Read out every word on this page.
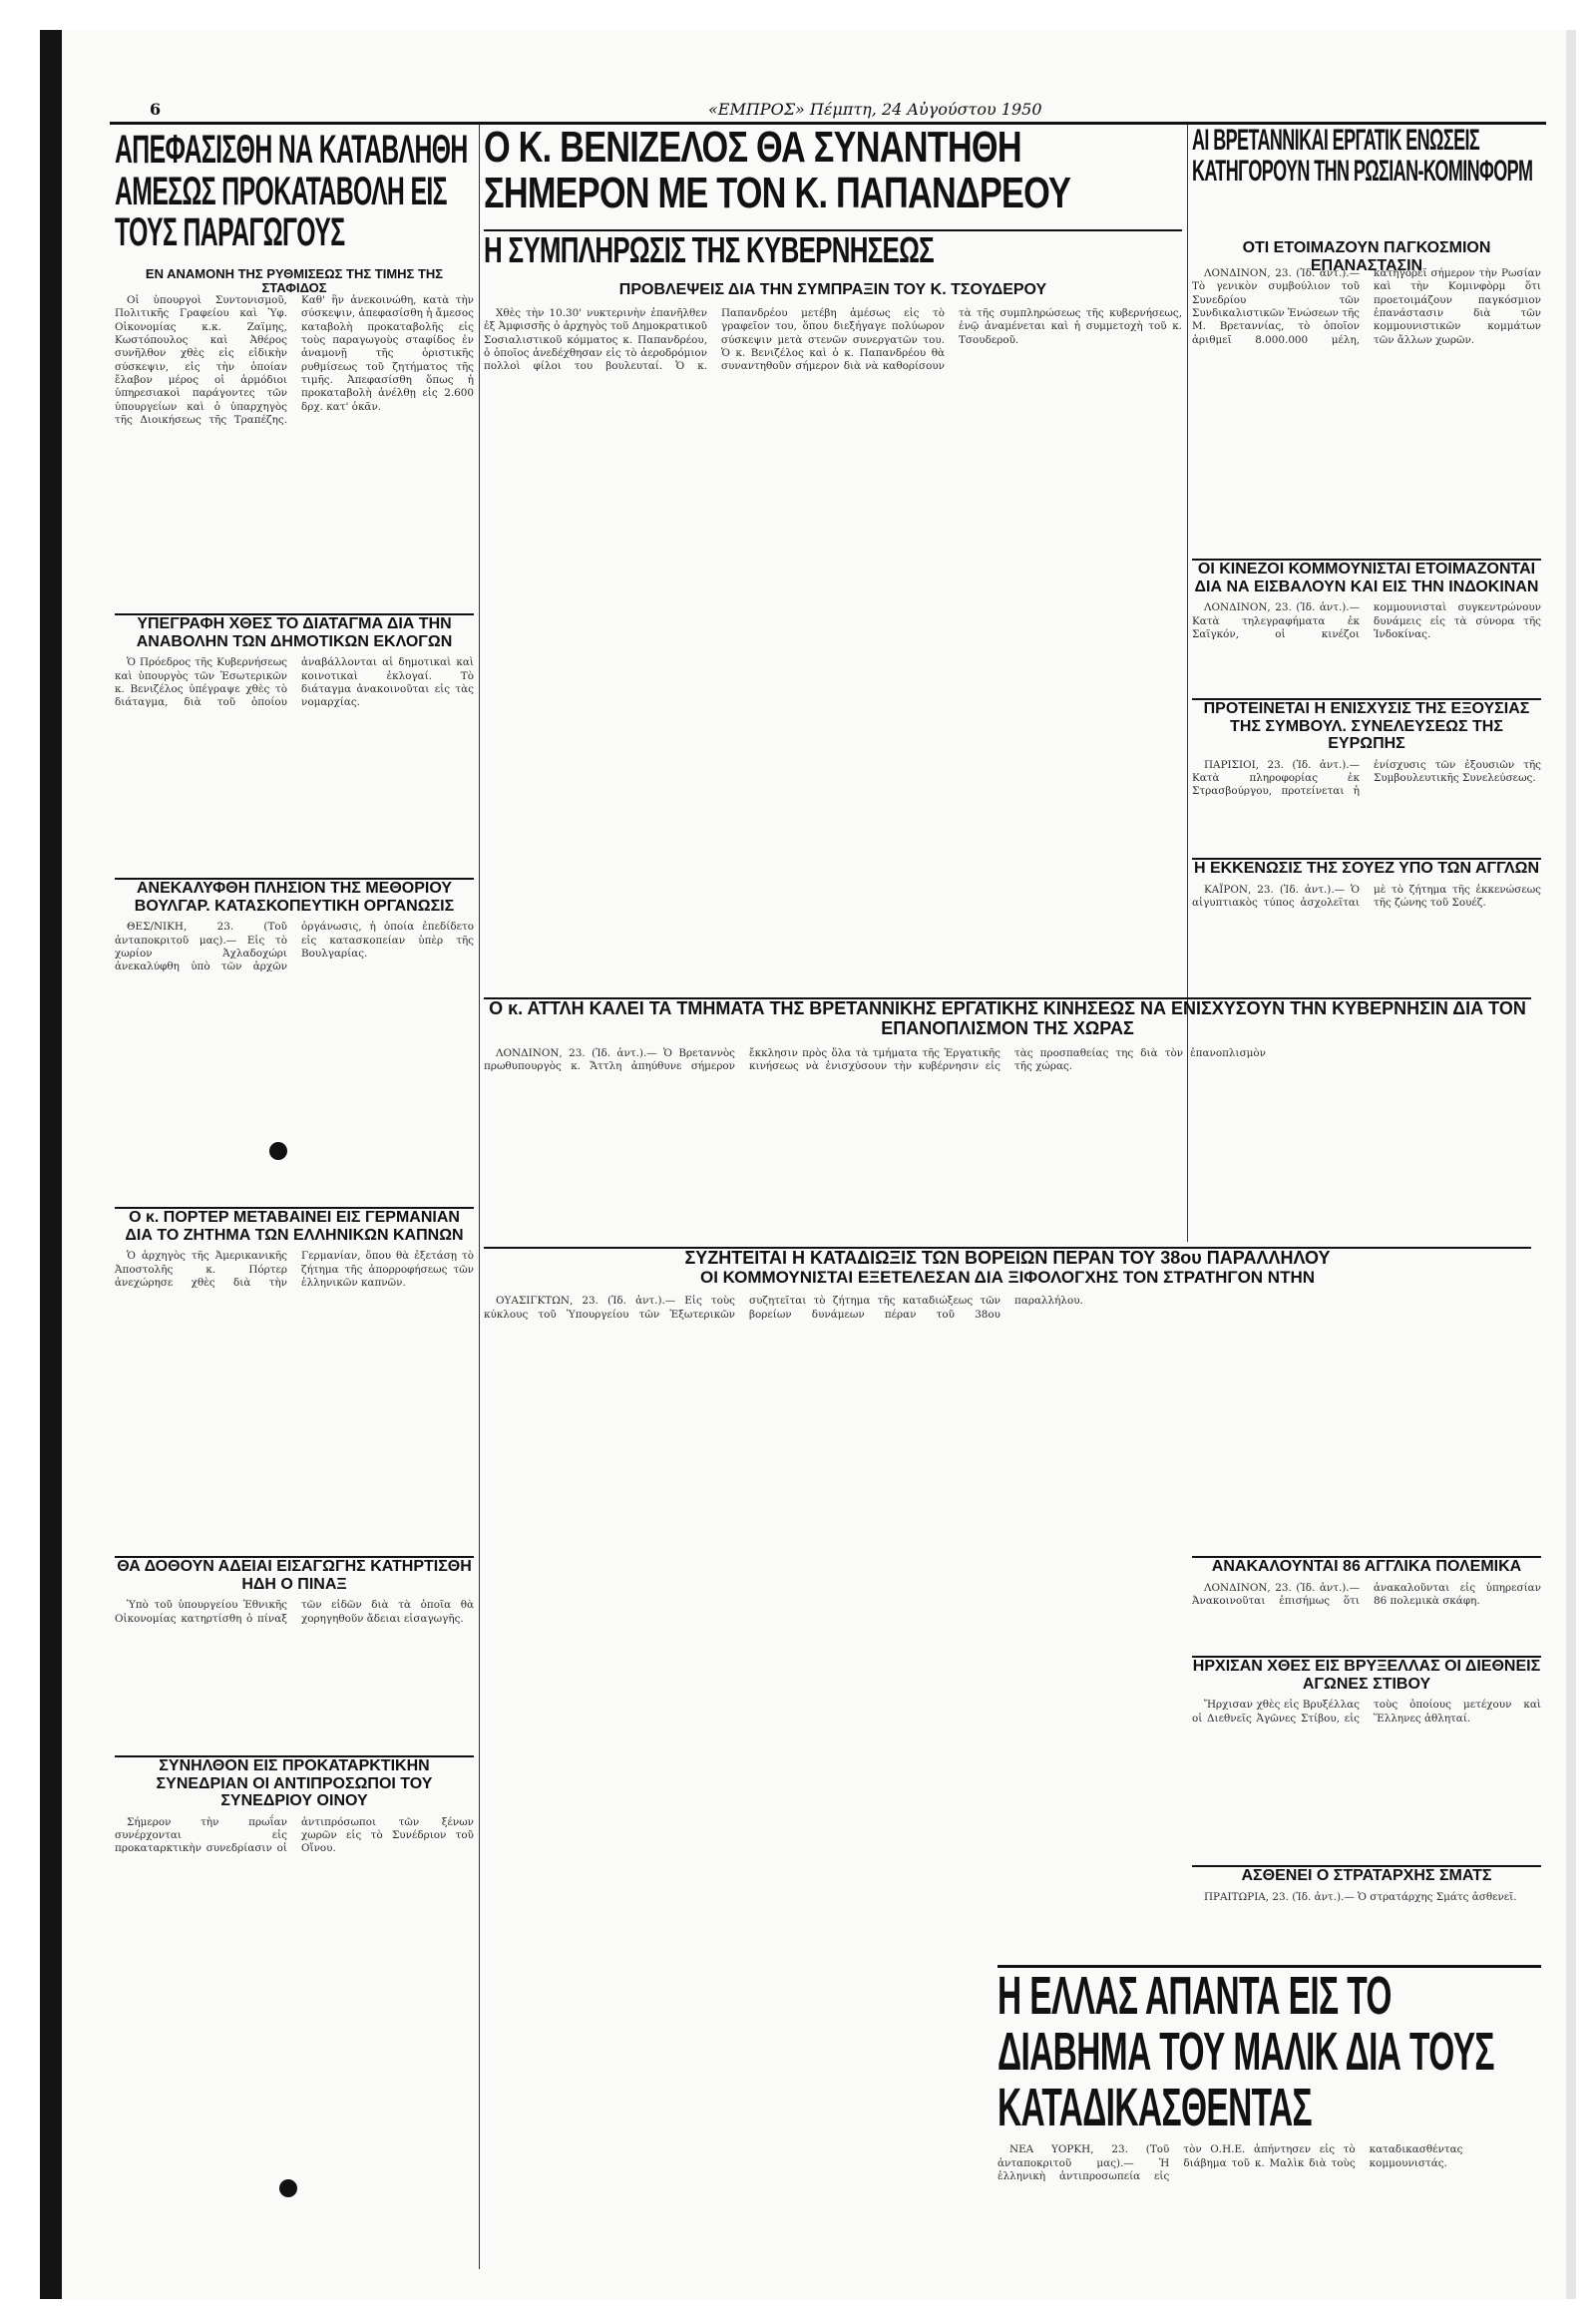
6	«ΕΜΠΡΟΣ» Πέμπτη, 24 Αὐγούστου 1950
ΑΠΕΦΑΣΙΣΘΗ ΝΑ ΚΑΤΑΒΛΗΘΗ ΑΜΕΣΩΣ ΠΡΟΚΑΤΑΒΟΛΗ ΕΙΣ ΤΟΥΣ ΠΑΡΑΓΩΓΟΥΣ
ΕΝ ΑΝΑΜΟΝΗ ΤΗΣ ΡΥΘΜΙΣΕΩΣ ΤΗΣ ΤΙΜΗΣ ΤΗΣ ΣΤΑΦΙΔΟΣ

Οἱ ὑπουργοὶ Συντονισμοῦ, Πολιτικῆς Γραφείου καὶ Ὑφ. Οἰκονομίας κ.κ. Ζαϊμης, Κωστόπουλος καὶ Ἀθέρος συνῆλθον χθὲς εἰς εἰδικὴν σύσκεψιν, εἰς τὴν ὁποίαν ἔλαβον μέρος οἱ ἁρμόδιοι ὑπηρεσιακοὶ παράγοντες τῶν ὑπουργείων καὶ ὁ ὑπαρχηγὸς τῆς Διοικήσεως τῆς Τραπέζης. Καθ' ἣν ἀνεκοινώθη, κατὰ τὴν σύσκεψιν, ἀπεφασίσθη ἡ ἄμεσος καταβολὴ προκαταβολῆς εἰς τοὺς παραγωγοὺς σταφίδος ἐν ἀναμονῇ τῆς ὁριστικῆς ρυθμίσεως τοῦ ζητήματος τῆς τιμῆς. Ἀπεφασίσθη ὅπως ἡ προκαταβολὴ ἀνέλθῃ εἰς 2.600 δρχ. κατ' ὀκᾶν.

Ο Κ. ΒΕΝΙΖΕΛΟΣ ΘΑ ΣΥΝΑΝΤΗΘΗ ΣΗΜΕΡΟΝ ΜΕ ΤΟΝ Κ. ΠΑΠΑΝΔΡΕΟΥ
Η ΣΥΜΠΛΗΡΩΣΙΣ ΤΗΣ ΚΥΒΕΡΝΗΣΕΩΣ
ΠΡΟΒΛΕΨΕΙΣ ΔΙΑ ΤΗΝ ΣΥΜΠΡΑΞΙΝ ΤΟΥ Κ. ΤΣΟΥΔΕΡΟΥ

Χθὲς τὴν 10.30' νυκτερινὴν ἐπανῆλθεν ἐξ Ἀμφισσῆς ὁ ἀρχηγὸς τοῦ Δημοκρατικοῦ Σοσιαλιστικοῦ κόμματος κ. Παπανδρέου, ὁ ὁποῖος ἀνεδέχθησαν εἰς τὸ ἀεροδρόμιον πολλοὶ φίλοι του βουλευταί. Ὁ κ. Παπανδρέου μετέβη ἀμέσως εἰς τὸ γραφεῖον του, ὅπου διεξήγαγε πολύωρον σύσκεψιν μετὰ στενῶν συνεργατῶν του. Ὁ κ. Βενιζέλος καὶ ὁ κ. Παπανδρέου θὰ συναντηθοῦν σήμερον διὰ νὰ καθορίσουν τὰ τῆς συμπληρώσεως τῆς κυβερνήσεως, ἐνῷ ἀναμένεται καὶ ἡ συμμετοχὴ τοῦ κ. Τσουδεροῦ.

ΑΙ ΒΡΕΤΑΝΝΙΚΑΙ ΕΡΓΑΤΙΚ ΕΝΩΣΕΙΣ ΚΑΤΗΓΟΡΟΥΝ ΤΗΝ ΡΩΣΙΑΝ-ΚΟΜΙΝΦΟΡΜ
ΟΤΙ ΕΤΟΙΜΑΖΟΥΝ ΠΑΓΚΟΣΜΙΟΝ ΕΠΑΝΑΣΤΑΣΙΝ

ΛΟΝΔΙΝΟΝ, 23. (Ἰδ. ἀντ.).— Τὸ γενικὸν συμβούλιον τοῦ Συνεδρίου τῶν Συνδικαλιστικῶν Ἑνώσεων τῆς Μ. Βρεταννίας, τὸ ὁποῖον ἀριθμεῖ 8.000.000 μέλη, κατηγορεῖ σήμερον τὴν Ρωσίαν καὶ τὴν Κομινφὸρμ ὅτι προετοιμάζουν παγκόσμιον ἐπανάστασιν διὰ τῶν κομμουνιστικῶν κομμάτων τῶν ἄλλων χωρῶν.

ΥΠΕΓΡΑΦΗ ΧΘΕΣ ΤΟ ΔΙΑΤΑΓΜΑ ΔΙΑ ΤΗΝ ΑΝΑΒΟΛΗΝ ΤΩΝ ΔΗΜΟΤΙΚΩΝ ΕΚΛΟΓΩΝ

Ὁ Πρόεδρος τῆς Κυβερνήσεως καὶ ὑπουργὸς τῶν Ἐσωτερικῶν κ. Βενιζέλος ὑπέγραψε χθὲς τὸ διάταγμα, διὰ τοῦ ὁποίου ἀναβάλλονται αἱ δημοτικαὶ καὶ κοινοτικαὶ ἐκλογαί. Τὸ διάταγμα ἀνακοινοῦται εἰς τὰς νομαρχίας.

ΑΝΕΚΑΛΥΦΘΗ ΠΛΗΣΙΟΝ ΤΗΣ ΜΕΘΟΡΙΟΥ ΒΟΥΛΓΑΡ. ΚΑΤΑΣΚΟΠΕΥΤΙΚΗ ΟΡΓΑΝΩΣΙΣ

ΘΕΣ/ΝΙΚΗ, 23. (Τοῦ ἀνταποκριτοῦ μας).— Εἰς τὸ χωρίον Ἀχλαδοχώρι ἀνεκαλύφθη ὑπὸ τῶν ἀρχῶν ὀργάνωσις, ἡ ὁποία ἐπεδίδετο εἰς κατασκοπείαν ὑπὲρ τῆς Βουλγαρίας.

Ο κ. ΠΟΡΤΕΡ ΜΕΤΑΒΑΙΝΕΙ ΕΙΣ ΓΕΡΜΑΝΙΑΝ ΔΙΑ ΤΟ ΖΗΤΗΜΑ ΤΩΝ ΕΛΛΗΝΙΚΩΝ ΚΑΠΝΩΝ

Ὁ ἀρχηγὸς τῆς Ἀμερικανικῆς Ἀποστολῆς κ. Πόρτερ ἀνεχώρησε χθὲς διὰ τὴν Γερμανίαν, ὅπου θὰ ἐξετάσῃ τὸ ζήτημα τῆς ἀπορροφήσεως τῶν ἑλληνικῶν καπνῶν.

ΘΑ ΔΟΘΟΥΝ ΑΔΕΙΑΙ ΕΙΣΑΓΩΓΗΣ ΚΑΤΗΡΤΙΣΘΗ ΗΔΗ Ο ΠΙΝΑΞ

Ὑπὸ τοῦ ὑπουργείου Ἐθνικῆς Οἰκονομίας κατηρτίσθη ὁ πίναξ τῶν εἰδῶν διὰ τὰ ὁποῖα θὰ χορηγηθοῦν ἄδειαι εἰσαγωγῆς.

ΣΥΝΗΛΘΟΝ ΕΙΣ ΠΡΟΚΑΤΑΡΚΤΙΚΗΝ ΣΥΝΕΔΡΙΑΝ ΟΙ ΑΝΤΙΠΡΟΣΩΠΟΙ ΤΟΥ ΣΥΝΕΔΡΙΟΥ ΟΙΝΟΥ

Σήμερον τὴν πρωΐαν συνέρχονται εἰς προκαταρκτικὴν συνεδρίασιν οἱ ἀντιπρόσωποι τῶν ξένων χωρῶν εἰς τὸ Συνέδριον τοῦ Οἴνου.

Ο κ. ΑΤΤΛΗ ΚΑΛΕΙ ΤΑ ΤΜΗΜΑΤΑ ΤΗΣ ΒΡΕΤΑΝΝΙΚΗΣ ΕΡΓΑΤΙΚΗΣ ΚΙΝΗΣΕΩΣ ΝΑ ΕΝΙΣΧΥΣΟΥΝ ΤΗΝ ΚΥΒΕΡΝΗΣΙΝ ΔΙΑ ΤΟΝ ΕΠΑΝΟΠΛΙΣΜΟΝ ΤΗΣ ΧΩΡΑΣ

ΛΟΝΔΙΝΟΝ, 23. (Ἰδ. ἀντ.).— Ὁ Βρεταννὸς πρωθυπουργὸς κ. Ἄττλη ἀπηύθυνε σήμερον ἔκκλησιν πρὸς ὅλα τὰ τμήματα τῆς Ἐργατικῆς κινήσεως νὰ ἐνισχύσουν τὴν κυβέρνησιν εἰς τὰς προσπαθείας της διὰ τὸν ἐπανοπλισμὸν τῆς χώρας.

ΣΥΖΗΤΕΙΤΑΙ Η ΚΑΤΑΔΙΩΞΙΣ ΤΩΝ ΒΟΡΕΙΩΝ ΠΕΡΑΝ ΤΟΥ 38ου ΠΑΡΑΛΛΗΛΟΥ
ΟΙ ΚΟΜΜΟΥΝΙΣΤΑΙ ΕΞΕΤΕΛΕΣΑΝ ΔΙΑ ΞΙΦΟΛΟΓΧΗΣ ΤΟΝ ΣΤΡΑΤΗΓΟΝ ΝΤΗΝ

ΟΥΑΣΙΓΚΤΩΝ, 23. (Ἰδ. ἀντ.).— Εἰς τοὺς κύκλους τοῦ Ὑπουργείου τῶν Ἐξωτερικῶν συζητεῖται τὸ ζήτημα τῆς καταδιώξεως τῶν βορείων δυνάμεων πέραν τοῦ 38ου παραλλήλου.

ΟΙ ΚΙΝΕΖΟΙ ΚΟΜΜΟΥΝΙΣΤΑΙ ΕΤΟΙΜΑΖΟΝΤΑΙ ΔΙΑ ΝΑ ΕΙΣΒΑΛΟΥΝ ΚΑΙ ΕΙΣ ΤΗΝ ΙΝΔΟΚΙΝΑΝ

ΛΟΝΔΙΝΟΝ, 23. (Ἰδ. ἀντ.).— Κατὰ τηλεγραφήματα ἐκ Σαϊγκόν, οἱ κινέζοι κομμουνισταὶ συγκεντρώνουν δυνάμεις εἰς τὰ σύνορα τῆς Ἰνδοκίνας.

ΠΡΟΤΕΙΝΕΤΑΙ Η ΕΝΙΣΧΥΣΙΣ ΤΗΣ ΕΞΟΥΣΙΑΣ ΤΗΣ ΣΥΜΒΟΥΛ. ΣΥΝΕΛΕΥΣΕΩΣ ΤΗΣ ΕΥΡΩΠΗΣ

ΠΑΡΙΣΙΟΙ, 23. (Ἰδ. ἀντ.).— Κατὰ πληροφορίας ἐκ Στρασβούργου, προτείνεται ἡ ἐνίσχυσις τῶν ἐξουσιῶν τῆς Συμβουλευτικῆς Συνελεύσεως.

Η ΕΚΚΕΝΩΣΙΣ ΤΗΣ ΣΟΥΕΖ ΥΠΟ ΤΩΝ ΑΓΓΛΩΝ

ΚΑΪΡΟΝ, 23. (Ἰδ. ἀντ.).— Ὁ αἰγυπτιακὸς τύπος ἀσχολεῖται μὲ τὸ ζήτημα τῆς ἐκκενώσεως τῆς ζώνης τοῦ Σουέζ.

ΑΝΑΚΑΛΟΥΝΤΑΙ 86 ΑΓΓΛΙΚΑ ΠΟΛΕΜΙΚΑ

ΛΟΝΔΙΝΟΝ, 23. (Ἰδ. ἀντ.).— Ἀνακοινοῦται ἐπισήμως ὅτι ἀνακαλοῦνται εἰς ὑπηρεσίαν 86 πολεμικὰ σκάφη.

ΗΡΧΙΣΑΝ ΧΘΕΣ ΕΙΣ ΒΡΥΞΕΛΛΑΣ ΟΙ ΔΙΕΘΝΕΙΣ ΑΓΩΝΕΣ ΣΤΙΒΟΥ

Ἤρχισαν χθὲς εἰς Βρυξέλλας οἱ Διεθνεῖς Ἀγῶνες Στίβου, εἰς τοὺς ὁποίους μετέχουν καὶ Ἕλληνες ἀθληταί.

ΑΣΘΕΝΕΙ Ο ΣΤΡΑΤΑΡΧΗΣ ΣΜΑΤΣ

ΠΡΑΙΤΩΡΙΑ, 23. (Ἰδ. ἀντ.).— Ὁ στρατάρχης Σμάτς ἀσθενεῖ.

Η ΕΛΛΑΣ ΑΠΑΝΤΑ ΕΙΣ ΤΟ ΔΙΑΒΗΜΑ ΤΟΥ ΜΑΛΙΚ ΔΙΑ ΤΟΥΣ ΚΑΤΑΔΙΚΑΣΘΕΝΤΑΣ

ΝΕΑ ΥΟΡΚΗ, 23. (Τοῦ ἀνταποκριτοῦ μας).— Ἡ ἑλληνικὴ ἀντιπροσωπεία εἰς τὸν Ο.Η.Ε. ἀπήντησεν εἰς τὸ διάβημα τοῦ κ. Μαλὶκ διὰ τοὺς καταδικασθέντας κομμουνιστάς.
